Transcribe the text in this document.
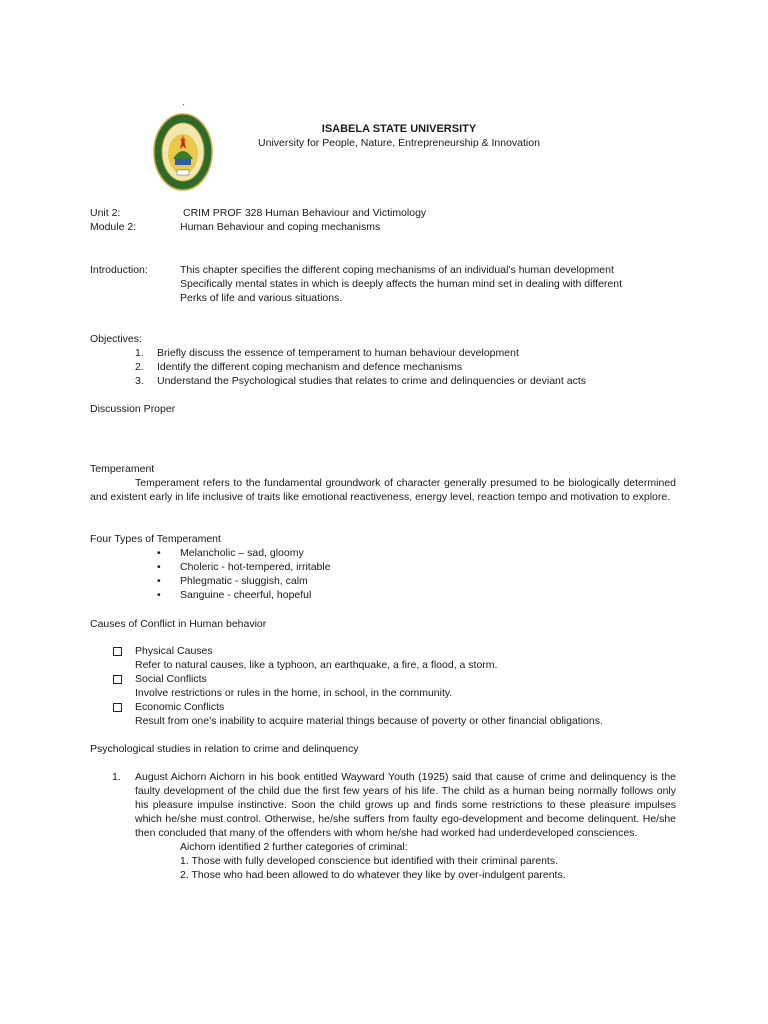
`
ISABELA STATE UNIVERSITY
University for People, Nature, Entrepreneurship & Innovation
Unit 2:	CRIM PROF 328 Human Behaviour and Victimology
Module 2:	Human Behaviour and coping mechanisms
Introduction:	This chapter specifies the different coping mechanisms of an individual’s human development
Specifically mental states in which is deeply affects the human mind set in dealing with different
Perks of life and various situations.
Objectives:
1. Briefly discuss the essence of temperament to human behaviour development
2. Identify the different coping mechanism and defence mechanisms
3. Understand the Psychological studies that relates to crime and delinquencies or deviant acts
Discussion Proper
Temperament
Temperament refers to the fundamental groundwork of character generally presumed to be biologically determined and existent early in life inclusive of traits like emotional reactiveness, energy level, reaction tempo and motivation to explore.
Four Types of Temperament
• Melancholic – sad, gloomy
• Choleric - hot-tempered, irritable
• Phlegmatic - sluggish, calm
• Sanguine - cheerful, hopeful
Causes of Conflict in Human behavior
Physical Causes
Refer to natural causes, like a typhoon, an earthquake, a fire, a flood, a storm.
Social Conflicts
Involve restrictions or rules in the home, in school, in the community.
Economic Conflicts
Result from one’s inability to acquire material things because of poverty or other financial obligations.
Psychological studies in relation to crime and delinquency
1. August Aichorn Aichorn in his book entitled Wayward Youth (1925) said that cause of crime and delinquency is the faulty development of the child due the first few years of his life. The child as a human being normally follows only his pleasure impulse instinctive. Soon the child grows up and finds some restrictions to these pleasure impulses which he/she must control. Otherwise, he/she suffers from faulty ego-development and become delinquent. He/she then concluded that many of the offenders with whom he/she had worked had underdeveloped consciences.
Aichorn identified 2 further categories of criminal:
1. Those with fully developed conscience but identified with their criminal parents.
2. Those who had been allowed to do whatever they like by over-indulgent parents.
